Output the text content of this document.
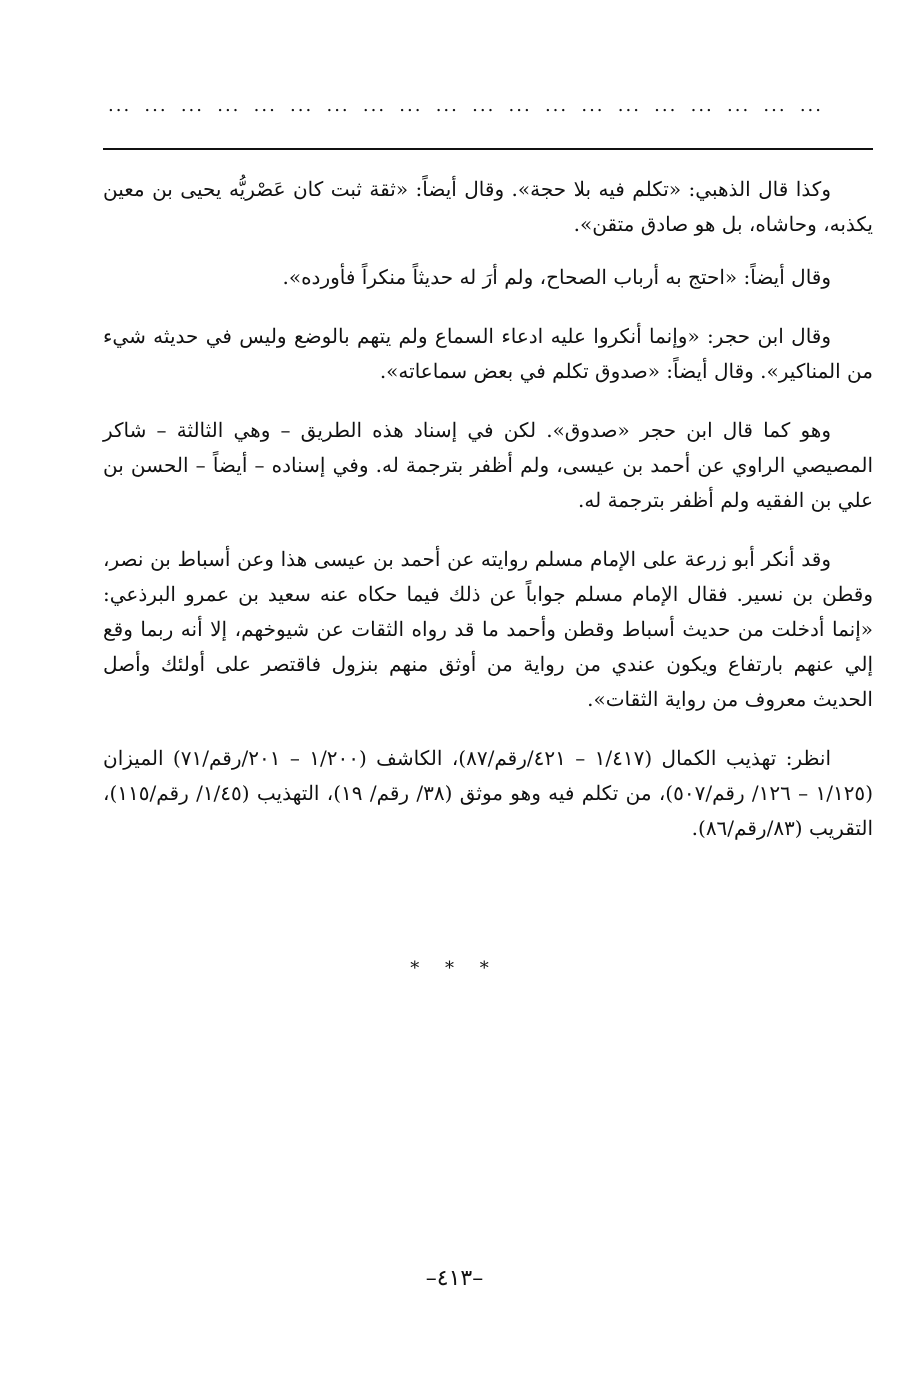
... ... ... ... ... ... ... ... ... ... ... ... ... ... ... ... ... ... ... ...

وكذا قال الذهبي: «تكلم فيه بلا حجة». وقال أيضاً: «ثقة ثبت كان عَصْريُّه يحيى بن معين يكذبه، وحاشاه، بل هو صادق متقن».

وقال أيضاً: «احتج به أرباب الصحاح، ولم أرَ له حديثاً منكراً فأورده».

وقال ابن حجر: «وإنما أنكروا عليه ادعاء السماع ولم يتهم بالوضع وليس في حديثه شيء من المناكير». وقال أيضاً: «صدوق تكلم في بعض سماعاته».

وهو كما قال ابن حجر «صدوق». لكن في إسناد هذه الطريق – وهي الثالثة – شاكر المصيصي الراوي عن أحمد بن عيسى، ولم أظفر بترجمة له. وفي إسناده – أيضاً – الحسن بن علي بن الفقيه ولم أظفر بترجمة له.

وقد أنكر أبو زرعة على الإمام مسلم روايته عن أحمد بن عيسى هذا وعن أسباط بن نصر، وقطن بن نسير. فقال الإمام مسلم جواباً عن ذلك فيما حكاه عنه سعيد بن عمرو البرذعي: «إنما أدخلت من حديث أسباط وقطن وأحمد ما قد رواه الثقات عن شيوخهم، إلا أنه ربما وقع إلي عنهم بارتفاع ويكون عندي من رواية من أوثق منهم بنزول فاقتصر على أولئك وأصل الحديث معروف من رواية الثقات».

انظر: تهذيب الكمال (١/٤١٧ – ٤٢١/رقم/٨٧)، الكاشف (١/٢٠٠ – ٢٠١/رقم/٧١) الميزان (١/١٢٥ – ١٢٦/ رقم/٥٠٧)، من تكلم فيه وهو موثق (٣٨/ رقم/ ١٩)، التهذيب (١/٤٥/ رقم/١١٥)، التقريب (٨٣/رقم/٨٦).

* * *
–٤١٣–
